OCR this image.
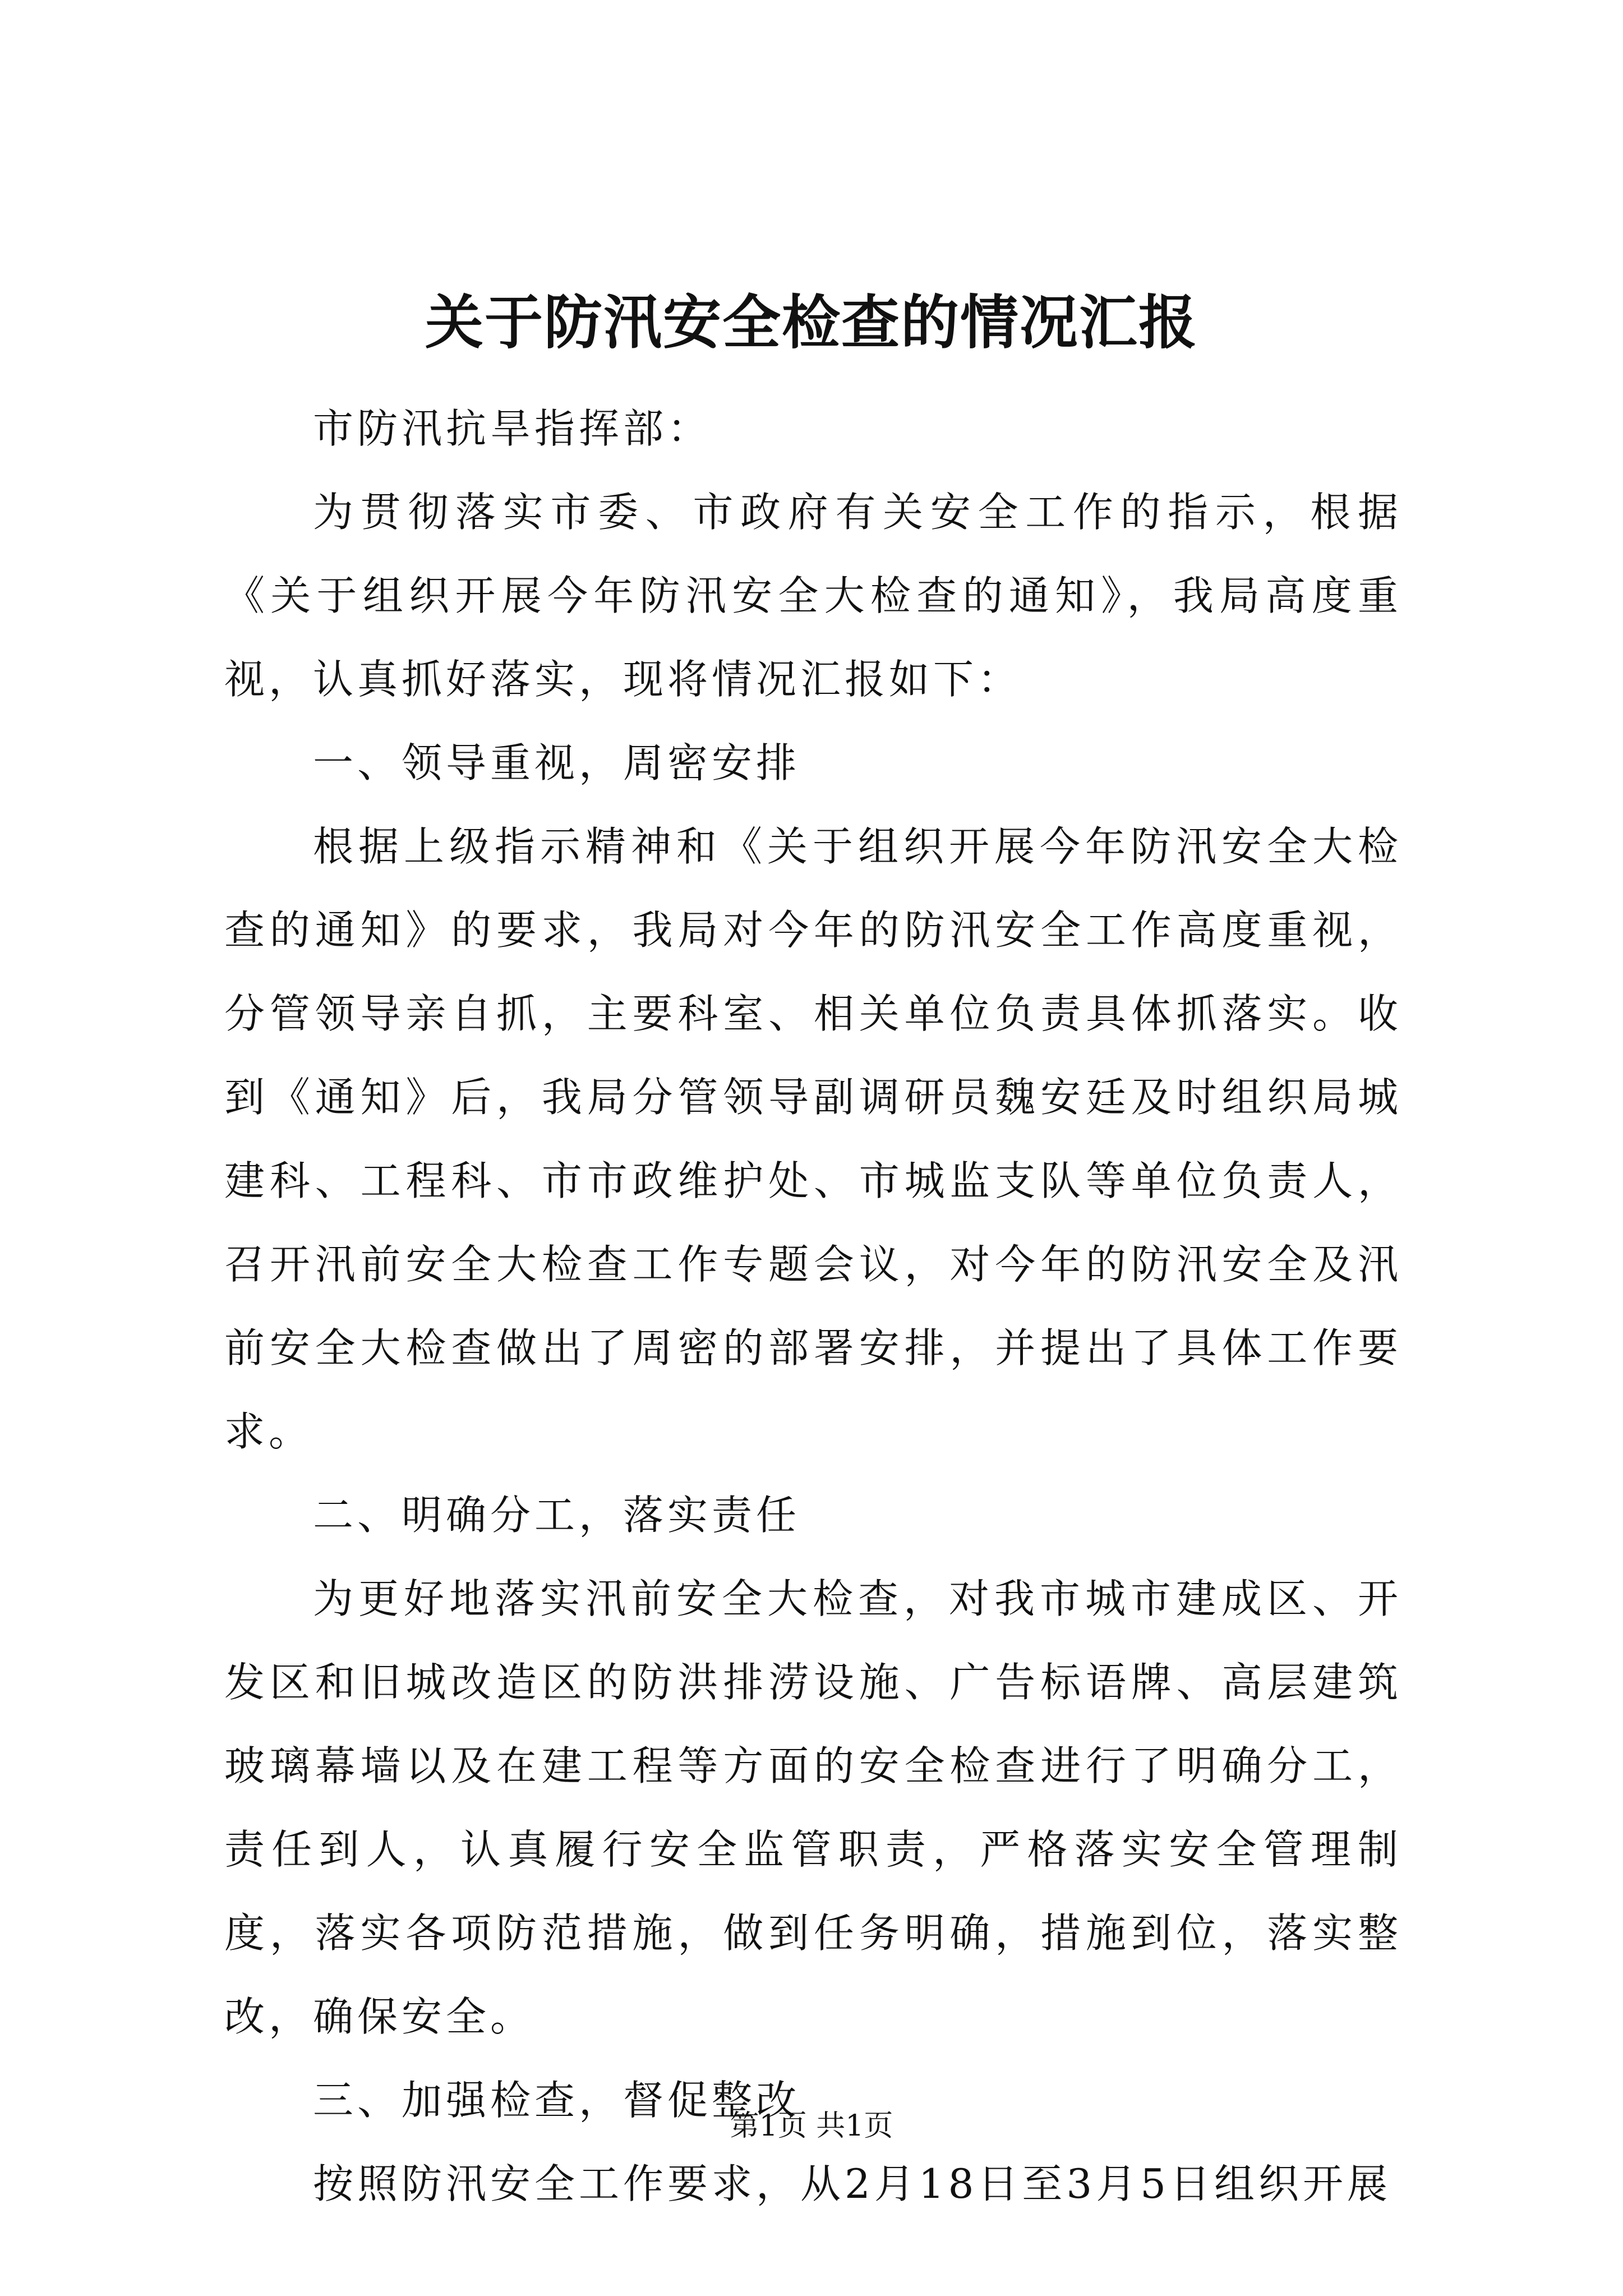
关于防汛安全检查的情况汇报

市防汛抗旱指挥部：

为贯彻落实市委、市政府有关安全工作的指示，根据《关于组织开展今年防汛安全大检查的通知》，我局高度重视，认真抓好落实，现将情况汇报如下：

一、领导重视，周密安排

根据上级指示精神和《关于组织开展今年防汛安全大检查的通知》的要求，我局对今年的防汛安全工作高度重视，分管领导亲自抓，主要科室、相关单位负责具体抓落实。收到《通知》后，我局分管领导副调研员魏安廷及时组织局城建科、工程科、市市政维护处、市城监支队等单位负责人，召开汛前安全大检查工作专题会议，对今年的防汛安全及汛前安全大检查做出了周密的部署安排，并提出了具体工作要求。

二、明确分工，落实责任

为更好地落实汛前安全大检查，对我市城市建成区、开发区和旧城改造区的防洪排涝设施、广告标语牌、高层建筑玻璃幕墙以及在建工程等方面的安全检查进行了明确分工，责任到人，认真履行安全监管职责，严格落实安全管理制度，落实各项防范措施，做到任务明确，措施到位，落实整改，确保安全。

三、加强检查，督促整改

按照防汛安全工作要求，从2月18日至3月5日组织开展

第1页 共1页
